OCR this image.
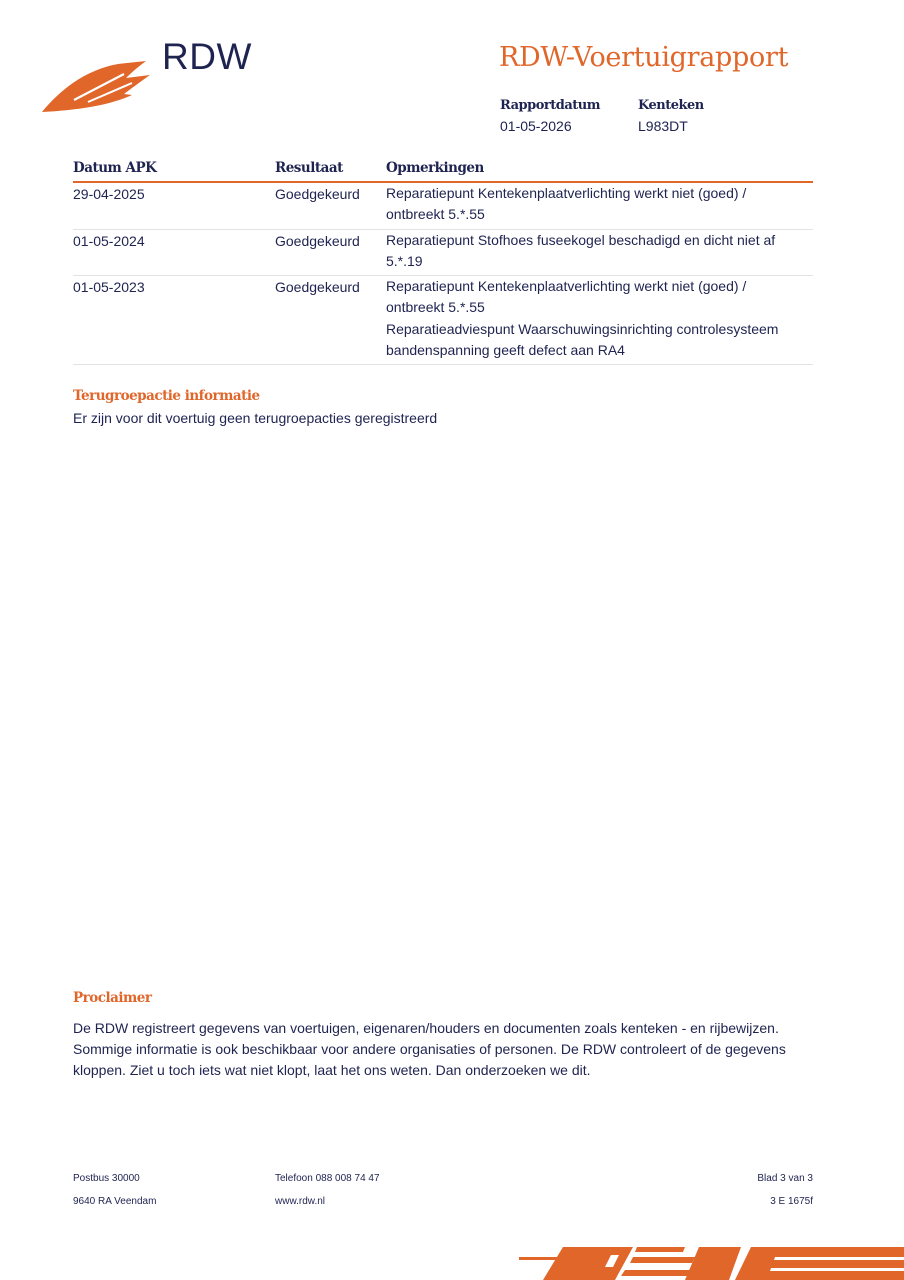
RDW	RDW-Voertuigrapport
Rapportdatum
01-05-2026
Kenteken
L983DT
Datum APK	Resultaat	Opmerkingen
29-04-2025	Goedgekeurd Reparatiepunt Kentekenplaatverlichting werkt niet (goed) / ontbreekt 5.*.55
01-05-2024	Goedgekeurd Reparatiepunt Stofhoes fuseekogel beschadigd en dicht niet af 5.*.19
01-05-2023	Goedgekeurd Reparatiepunt Kentekenplaatverlichting werkt niet (goed) / ontbreekt 5.*.55
Reparatieadviespunt Waarschuwingsinrichting controlesysteem bandenspanning geeft defect aan RA4
Terugroepactie informatie
Er zijn voor dit voertuig geen terugroepacties geregistreerd
Proclaimer
De RDW registreert gegevens van voertuigen, eigenaren/houders en documenten zoals kenteken - en rijbewijzen. Sommige informatie is ook beschikbaar voor andere organisaties of personen. De RDW controleert of de gegevens kloppen. Ziet u toch iets wat niet klopt, laat het ons weten. Dan onderzoeken we dit.
Postbus 30000
9640 RA Veendam
Telefoon 088 008 74 47
www.rdw.nl
Blad 3 van 3
3 E 1675f
